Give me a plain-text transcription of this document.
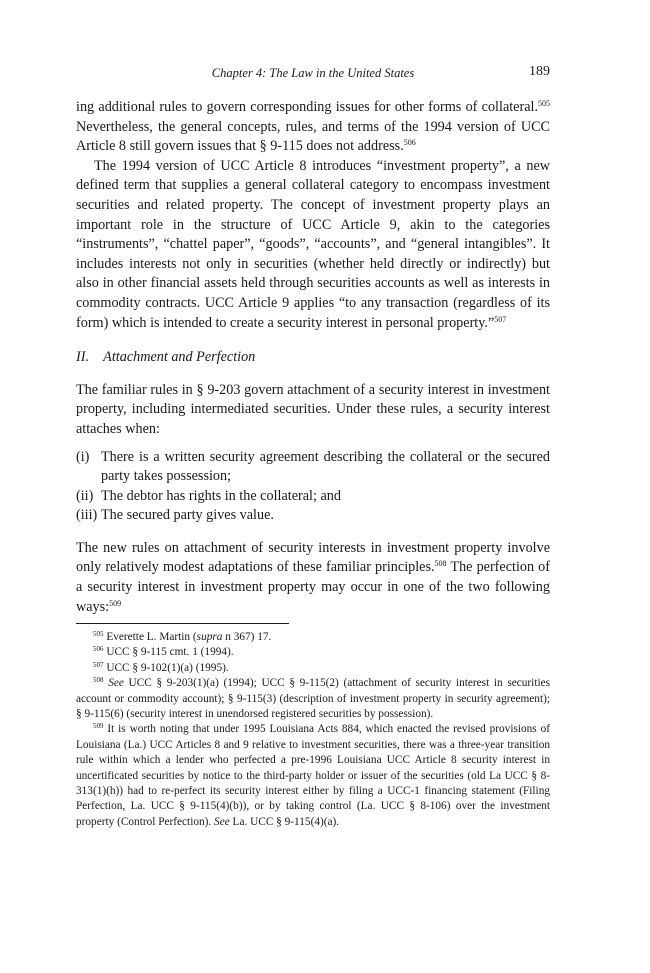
Chapter 4: The Law in the United States	189

ing additional rules to govern corresponding issues for other forms of collateral.$^{505}$ Nevertheless, the general concepts, rules, and terms of the 1994 version of UCC Article 8 still govern issues that § 9-115 does not address.$^{506}$

The 1994 version of UCC Article 8 introduces “investment property”, a new defined term that supplies a general collateral category to encompass investment securities and related property. The concept of investment property plays an important role in the structure of UCC Article 9, akin to the categories “instruments”, “chattel paper”, “goods”, “accounts”, and “general intangibles”. It includes interests not only in securities (whether held directly or indirectly) but also in other financial assets held through securities accounts as well as interests in commodity contracts. UCC Article 9 applies “to any transaction (regardless of its form) which is intended to create a security interest in personal property.”$^{507}$

II. Attachment and Perfection

The familiar rules in § 9-203 govern attachment of a security interest in investment property, including intermediated securities. Under these rules, a security interest attaches when:

(i) There is a written security agreement describing the collateral or the secured party takes possession;
(ii) The debtor has rights in the collateral; and
(iii) The secured party gives value.

The new rules on attachment of security interests in investment property involve only relatively modest adaptations of these familiar principles.$^{508}$ The perfection of a security interest in investment property may occur in one of the two following ways:$^{509}$

$^{505}$ Everette L. Martin (supra n 367) 17.

$^{506}$ UCC § 9-115 cmt. 1 (1994).

$^{507}$ UCC § 9-102(1)(a) (1995).

$^{508}$ See UCC § 9-203(1)(a) (1994); UCC § 9-115(2) (attachment of security interest in securities account or commodity account); § 9-115(3) (description of investment property in security agreement); § 9-115(6) (security interest in unendorsed registered securities by possession).

$^{509}$ It is worth noting that under 1995 Louisiana Acts 884, which enacted the revised provisions of Louisiana (La.) UCC Articles 8 and 9 relative to investment securities, there was a three-year transition rule within which a lender who perfected a pre-1996 Louisiana UCC Article 8 security interest in uncertificated securities by notice to the third-party holder or issuer of the securities (old La UCC § 8-313(1)(h)) had to re-perfect its security interest either by filing a UCC-1 financing statement (Filing Perfection, La. UCC § 9-115(4)(b)), or by taking control (La. UCC § 8-106) over the investment property (Control Perfection). See La. UCC § 9-115(4)(a).
